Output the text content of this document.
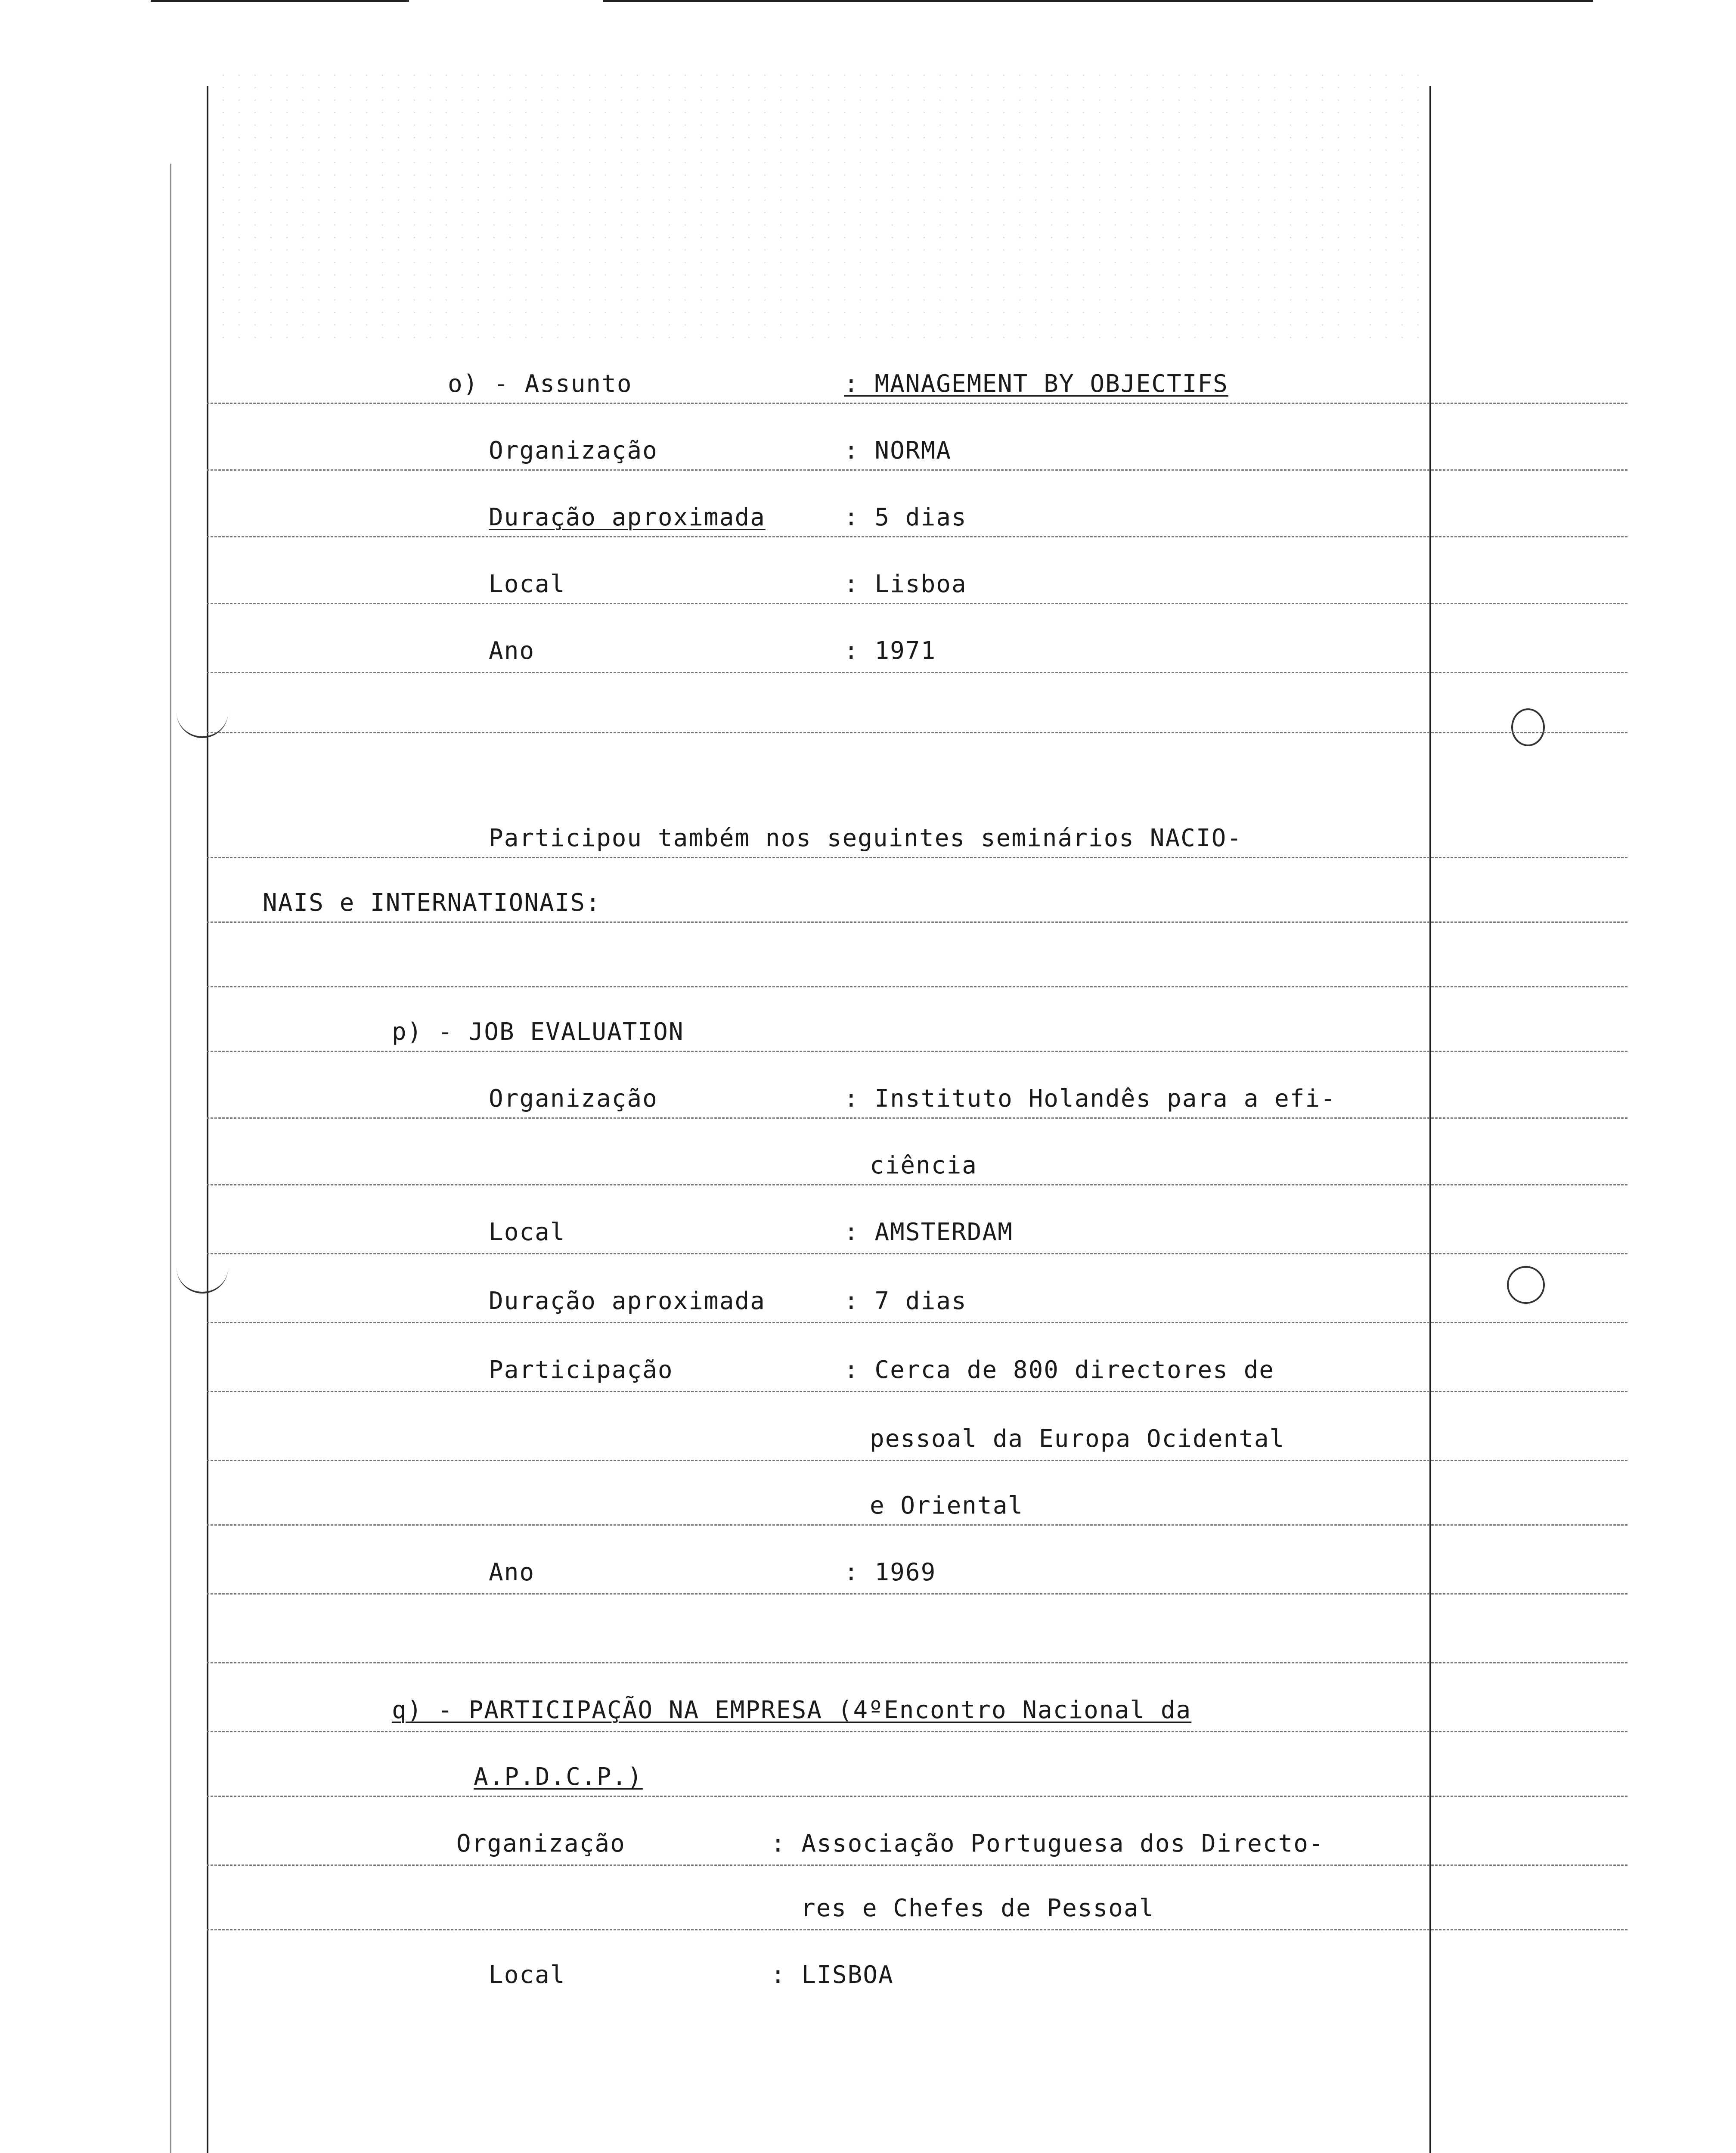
o) - Assunto	: MANAGEMENT BY OBJECTIFS
Organização	: NORMA
Duração aproximada	: 5 dias
Local	: Lisboa
Ano	: 1971
Participou também nos seguintes seminários NACIO-
NAIS e INTERNATIONAIS:
p) - JOB EVALUATION
Organização	: Instituto Holandês para a efi-
ciência
Local	: AMSTERDAM
Duração aproximada	: 7 dias
Participação	: Cerca de 800 directores de
pessoal da Europa Ocidental
e Oriental
Ano	: 1969
q) - PARTICIPAÇÃO NA EMPRESA (4ºEncontro Nacional da
A.P.D.C.P.)
Organização	: Associação Portuguesa dos Directo-
res e Chefes de Pessoal
Local	: LISBOA
